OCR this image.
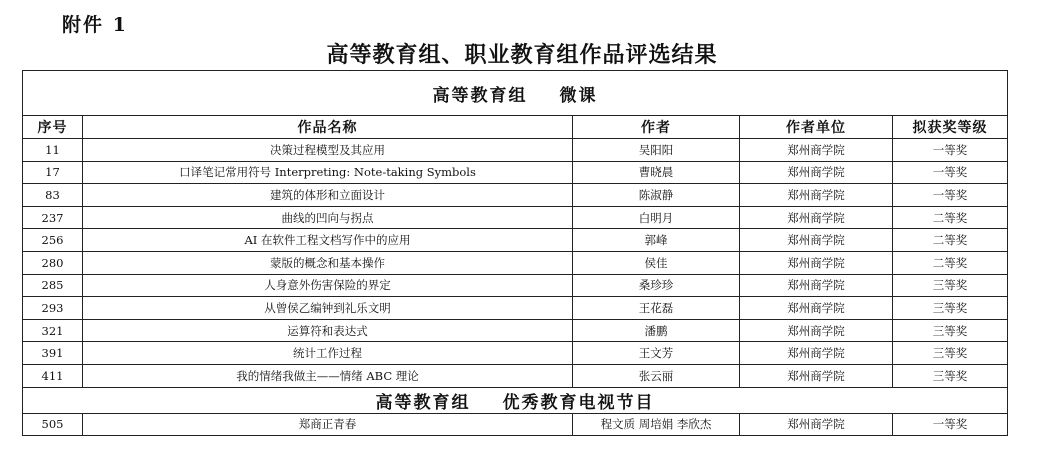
附件 1
高等教育组、职业教育组作品评选结果
高等教育组 微课				
序号	作品名称	作者	作者单位	拟获奖等级
11	决策过程模型及其应用	吴阳阳	郑州商学院	一等奖
17	口译笔记常用符号 Interpreting: Note-taking Symbols	曹晓晨	郑州商学院	一等奖
83	建筑的体形和立面设计	陈淑静	郑州商学院	一等奖
237	曲线的凹向与拐点	白明月	郑州商学院	二等奖
256	AI 在软件工程文档写作中的应用	郭峰	郑州商学院	二等奖
280	蒙版的概念和基本操作	侯佳	郑州商学院	二等奖
285	人身意外伤害保险的界定	桑珍珍	郑州商学院	三等奖
293	从曾侯乙编钟到礼乐文明	王花磊	郑州商学院	三等奖
321	运算符和表达式	潘鹏	郑州商学院	三等奖
391	统计工作过程	王文芳	郑州商学院	三等奖
411	我的情绪我做主——情绪 ABC 理论	张云丽	郑州商学院	三等奖
高等教育组 优秀教育电视节目				
505	郑商正青春	程文质 周培娟 李欣杰	郑州商学院	一等奖
